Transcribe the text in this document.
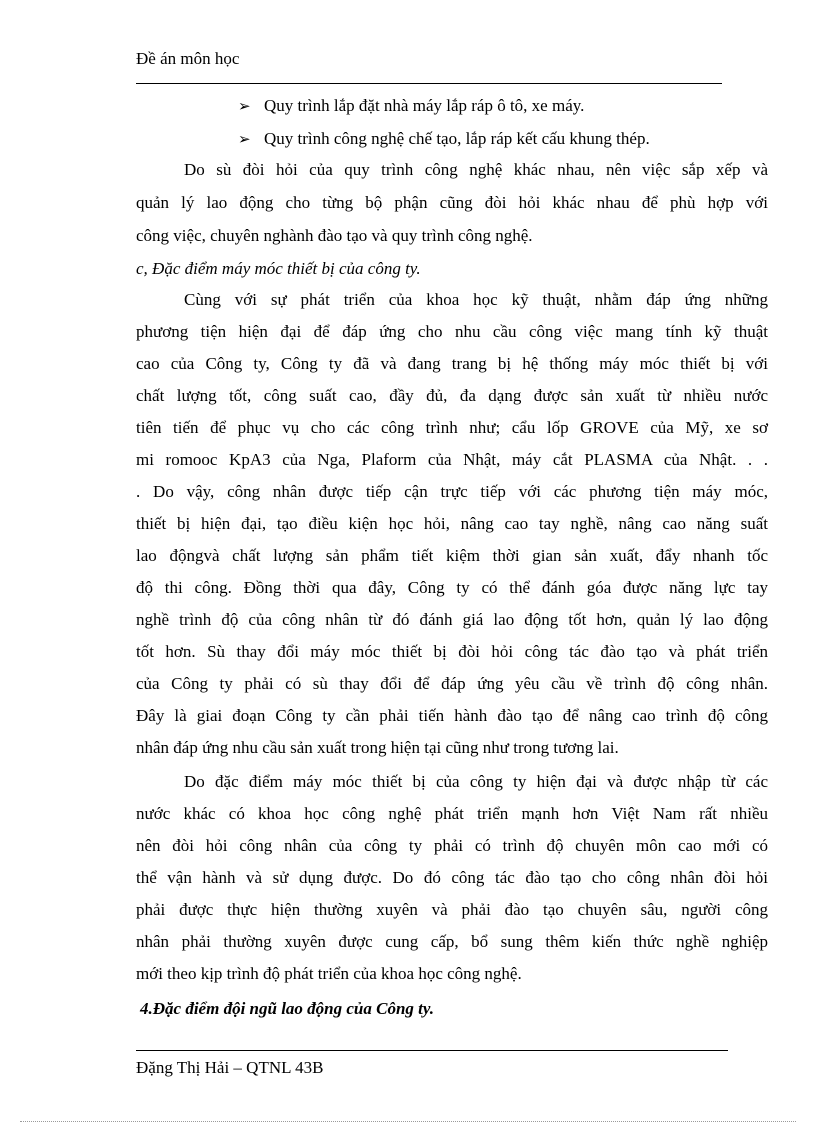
Đề án môn học
➢ Quy trình lắp đặt nhà máy lắp ráp ô tô, xe máy.
➢ Quy trình công nghệ chế tạo, lắp ráp kết cấu khung thép.
Do sù đòi hỏi của quy trình công nghệ khác nhau, nên việc sắp xếp và
quản lý lao động cho từng bộ phận cũng đòi hỏi khác nhau để phù hợp với
công việc, chuyên nghành đào tạo và quy trình công nghệ.
c, Đặc điểm máy móc thiết bị của công ty.
Cùng với sự phát triển của khoa học kỹ thuật, nhằm đáp ứng những
phương tiện hiện đại để đáp ứng cho nhu cầu công việc mang tính kỹ thuật
cao của Công ty, Công ty đã và đang trang bị hệ thống máy móc thiết bị với
chất lượng tốt, công suất cao, đầy đủ, đa dạng được sản xuất từ nhiều nước
tiên tiến để phục vụ cho các công trình như; cẩu lốp GROVE của Mỹ, xe sơ
mi romooc KpA3 của Nga, Plaform của Nhật, máy cắt PLASMA của Nhật. . .
. Do vậy, công nhân được tiếp cận trực tiếp với các phương tiện máy móc,
thiết bị hiện đại, tạo điều kiện học hỏi, nâng cao tay nghề, nâng cao năng suất
lao độngvà chất lượng sản phẩm tiết kiệm thời gian sản xuất, đẩy nhanh tốc
độ thi công. Đồng thời qua đây, Công ty có thể đánh góa được năng lực tay
nghề trình độ của công nhân từ đó đánh giá lao động tốt hơn, quản lý lao động
tốt hơn. Sù thay đổi máy móc thiết bị đòi hỏi công tác đào tạo và phát triển
của Công ty phải có sù thay đổi để đáp ứng yêu cầu về trình độ công nhân.
Đây là giai đoạn Công ty cần phải tiến hành đào tạo để nâng cao trình độ công
nhân đáp ứng nhu cầu sản xuất trong hiện tại cũng như trong tương lai.
Do đặc điểm máy móc thiết bị của công ty hiện đại và được nhập từ các
nước khác có khoa học công nghệ phát triển mạnh hơn Việt Nam rất nhiều
nên đòi hỏi công nhân của công ty phải có trình độ chuyên môn cao mới có
thể vận hành và sử dụng được. Do đó công tác đào tạo cho công nhân đòi hỏi
phải được thực hiện thường xuyên và phải đào tạo chuyên sâu, người công
nhân phải thường xuyên được cung cấp, bổ sung thêm kiến thức nghề nghiệp
mới theo kịp trình độ phát triển của khoa học công nghệ.
4.Đặc điểm đội ngũ lao động của Công ty.
Đặng Thị Hải – QTNL 43B
